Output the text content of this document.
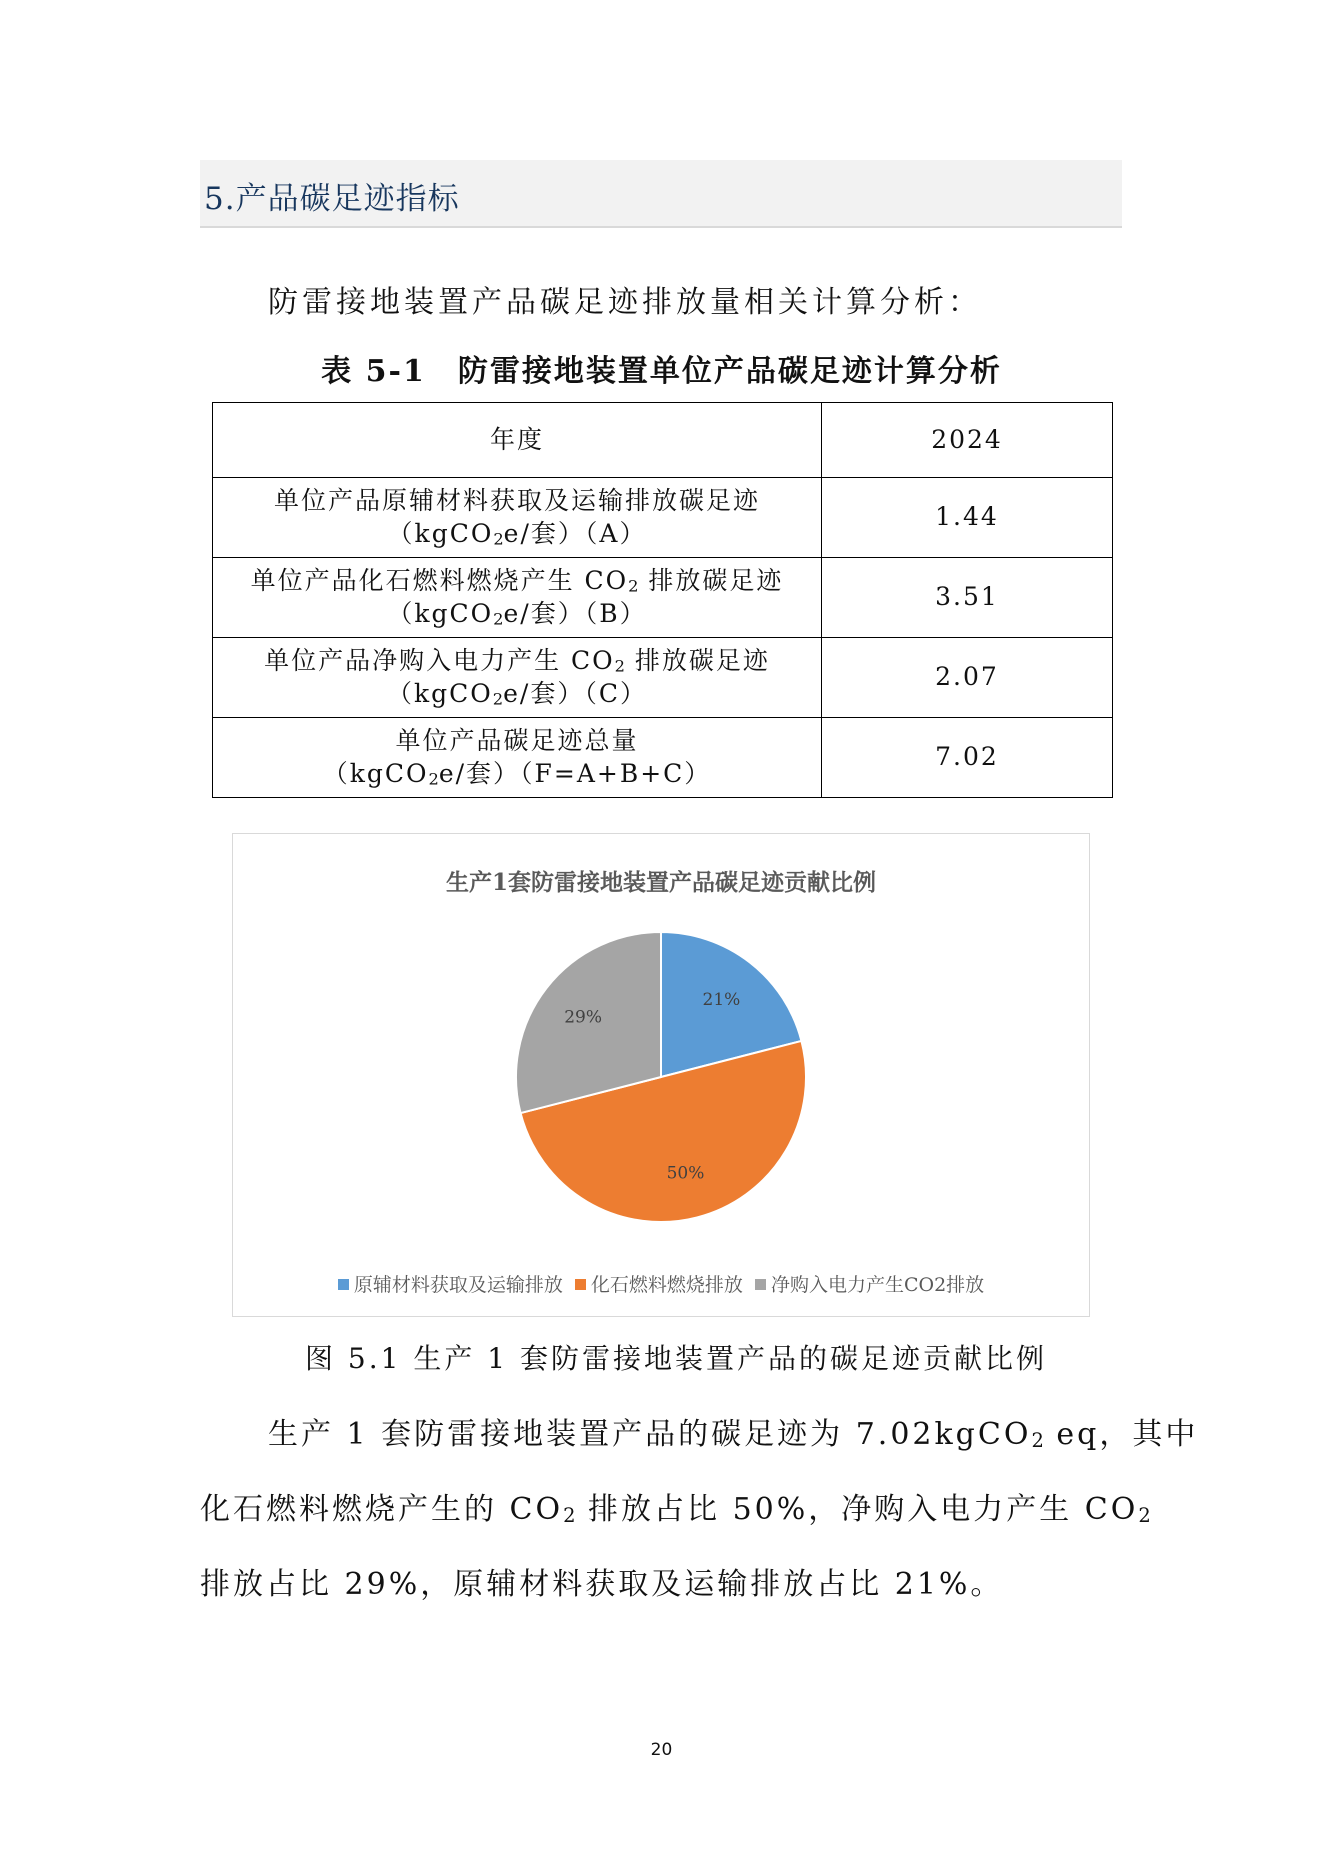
5.产品碳足迹指标
防雷接地装置产品碳足迹排放量相关计算分析：
表 5-1　防雷接地装置单位产品碳足迹计算分析
年度	2024
单位产品原辅材料获取及运输排放碳足迹
（kgCO$_2$e/套）（A）	1.44
单位产品化石燃料燃烧产生 $CO_2$ 排放碳足迹
（kgCO$_2$e/套）（B）	3.51
单位产品净购入电力产生 $CO_2$ 排放碳足迹
（kgCO$_2$e/套）（C）	2.07
单位产品碳足迹总量
（kgCO$_2$e/套）（F=A+B+C）	7.02
生产1套防雷接地装置产品碳足迹贡献比例
21%
50%
29%
原辅材料获取及运输排放 化石燃料燃烧排放 净购入电力产生CO2排放
图 5.1 生产 1 套防雷接地装置产品的碳足迹贡献比例
生产 1 套防雷接地装置产品的碳足迹为 7.02kgCO$_2$ eq，其中
化石燃料燃烧产生的 $CO_2$ 排放占比 50%，净购入电力产生 $CO_2$
排放占比 29%，原辅材料获取及运输排放占比 21%。
20
